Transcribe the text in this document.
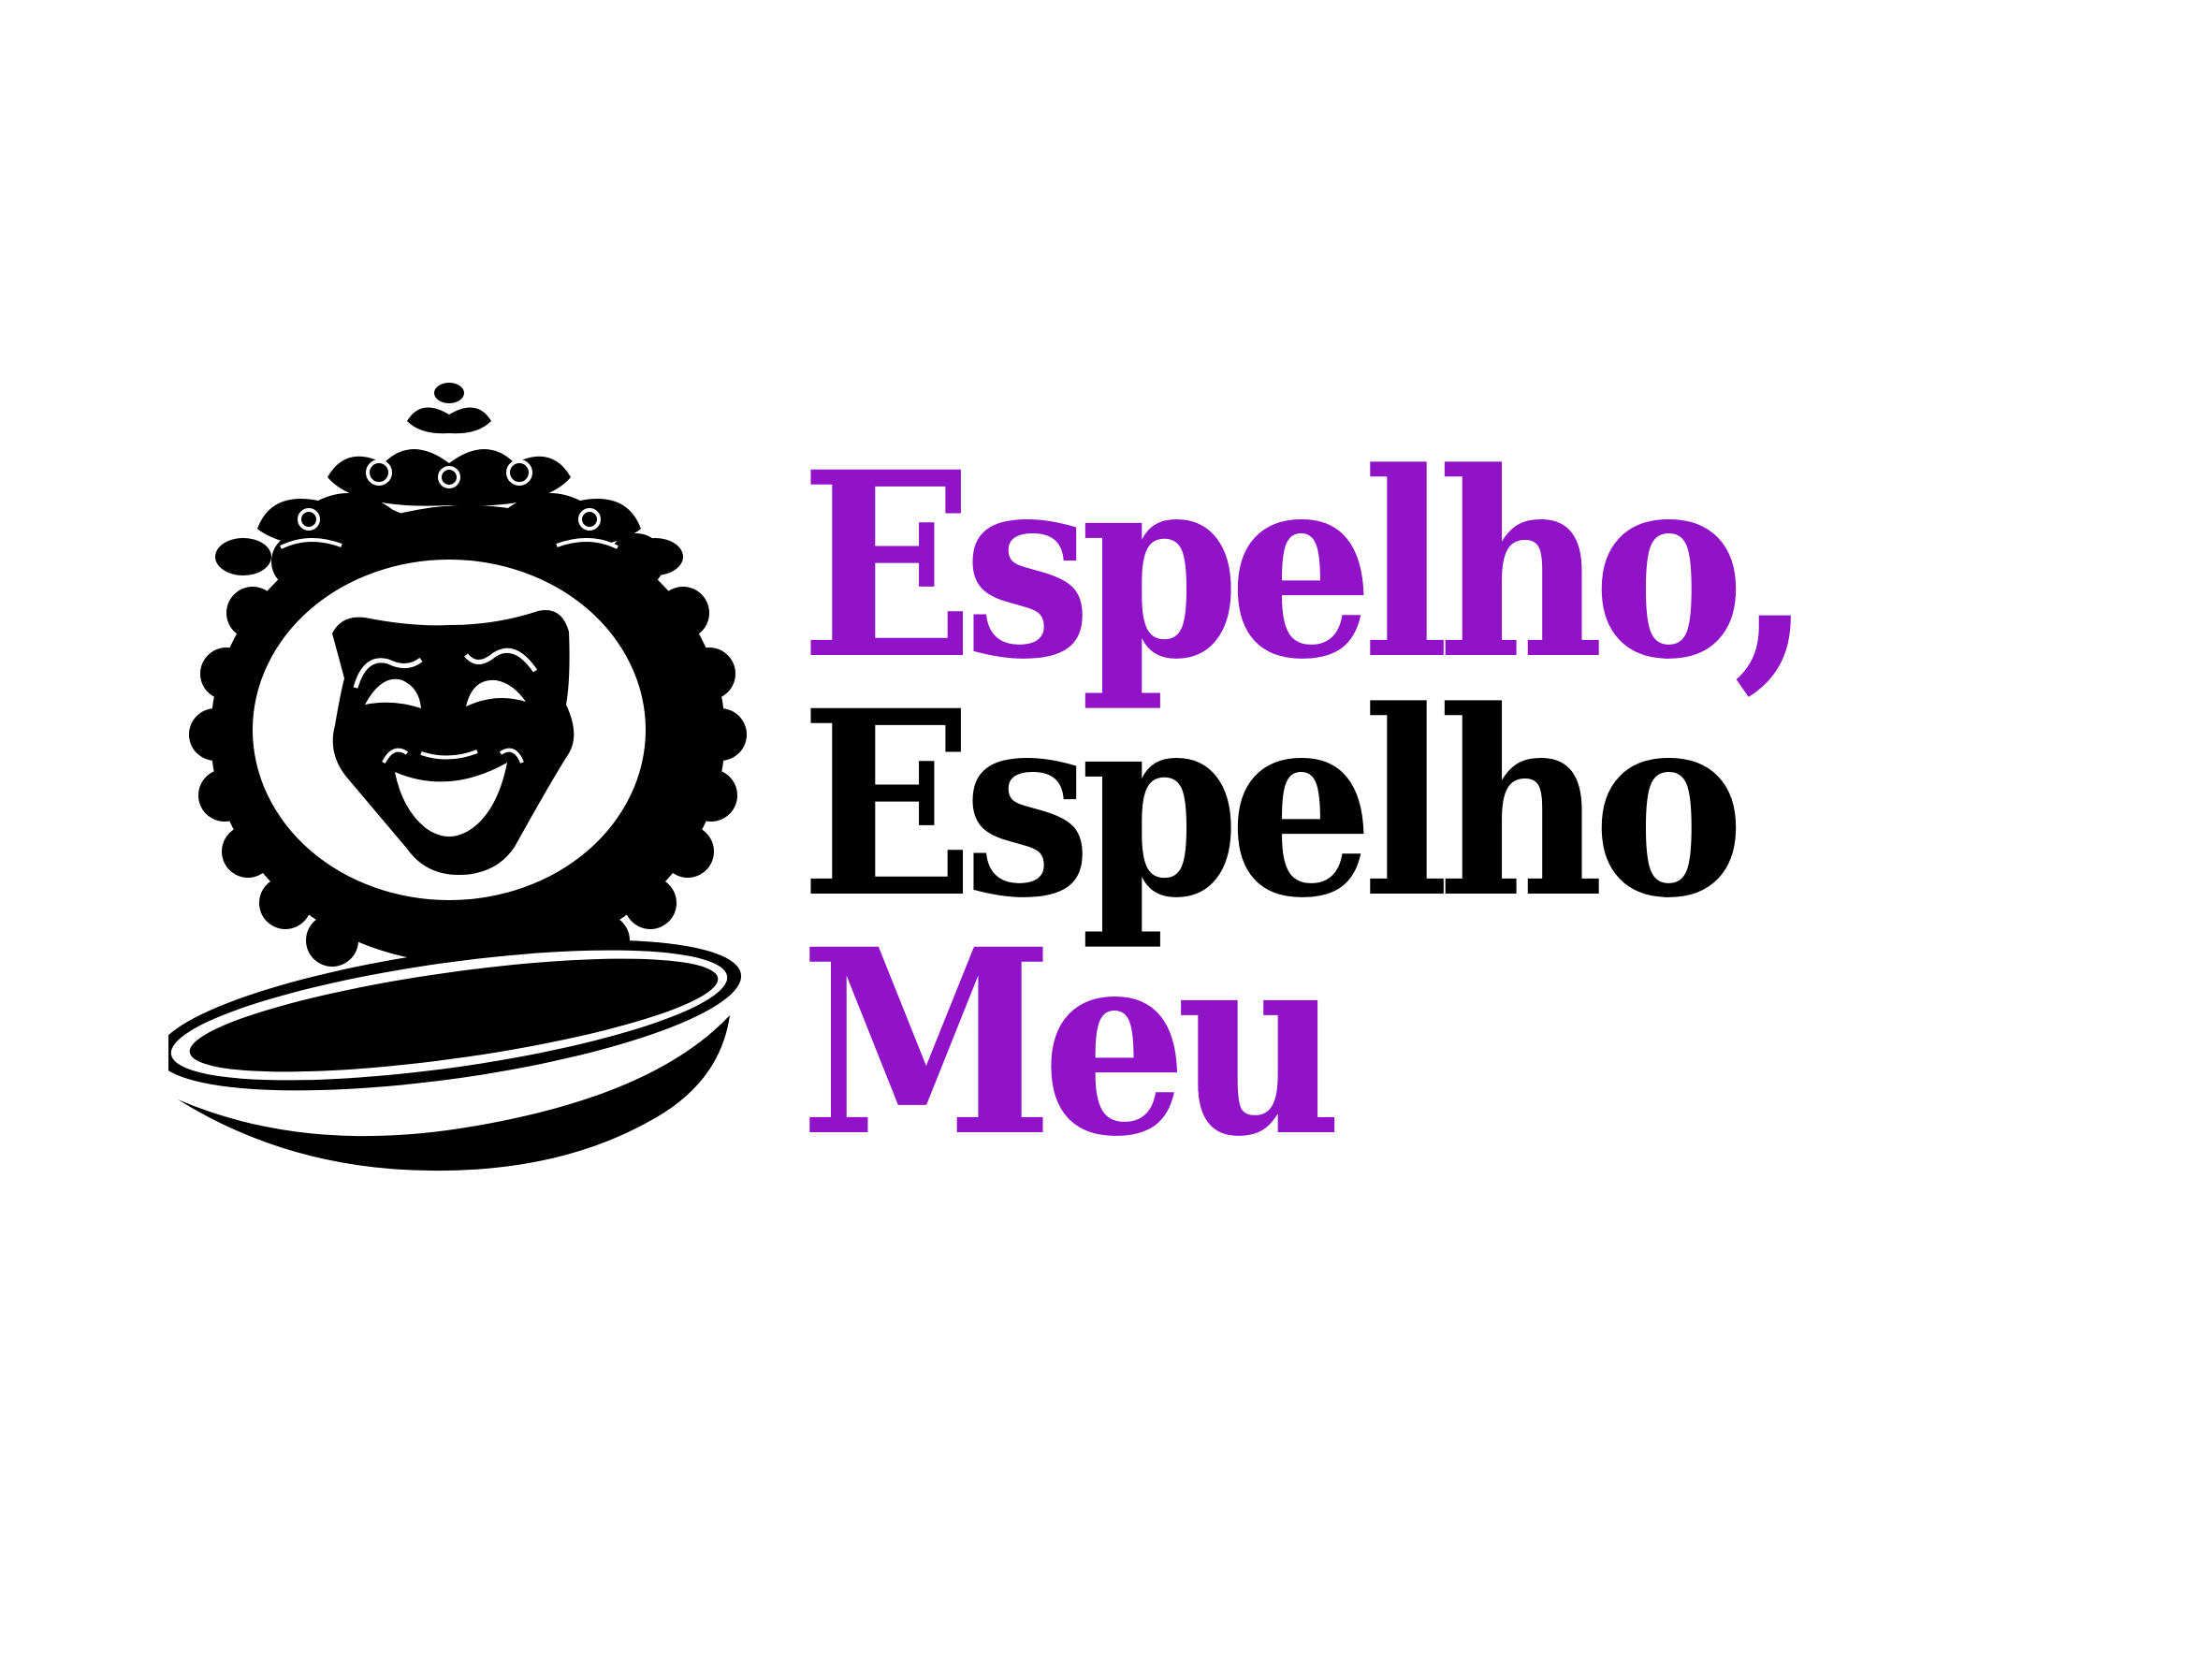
Espelho,
Espelho
Meu
